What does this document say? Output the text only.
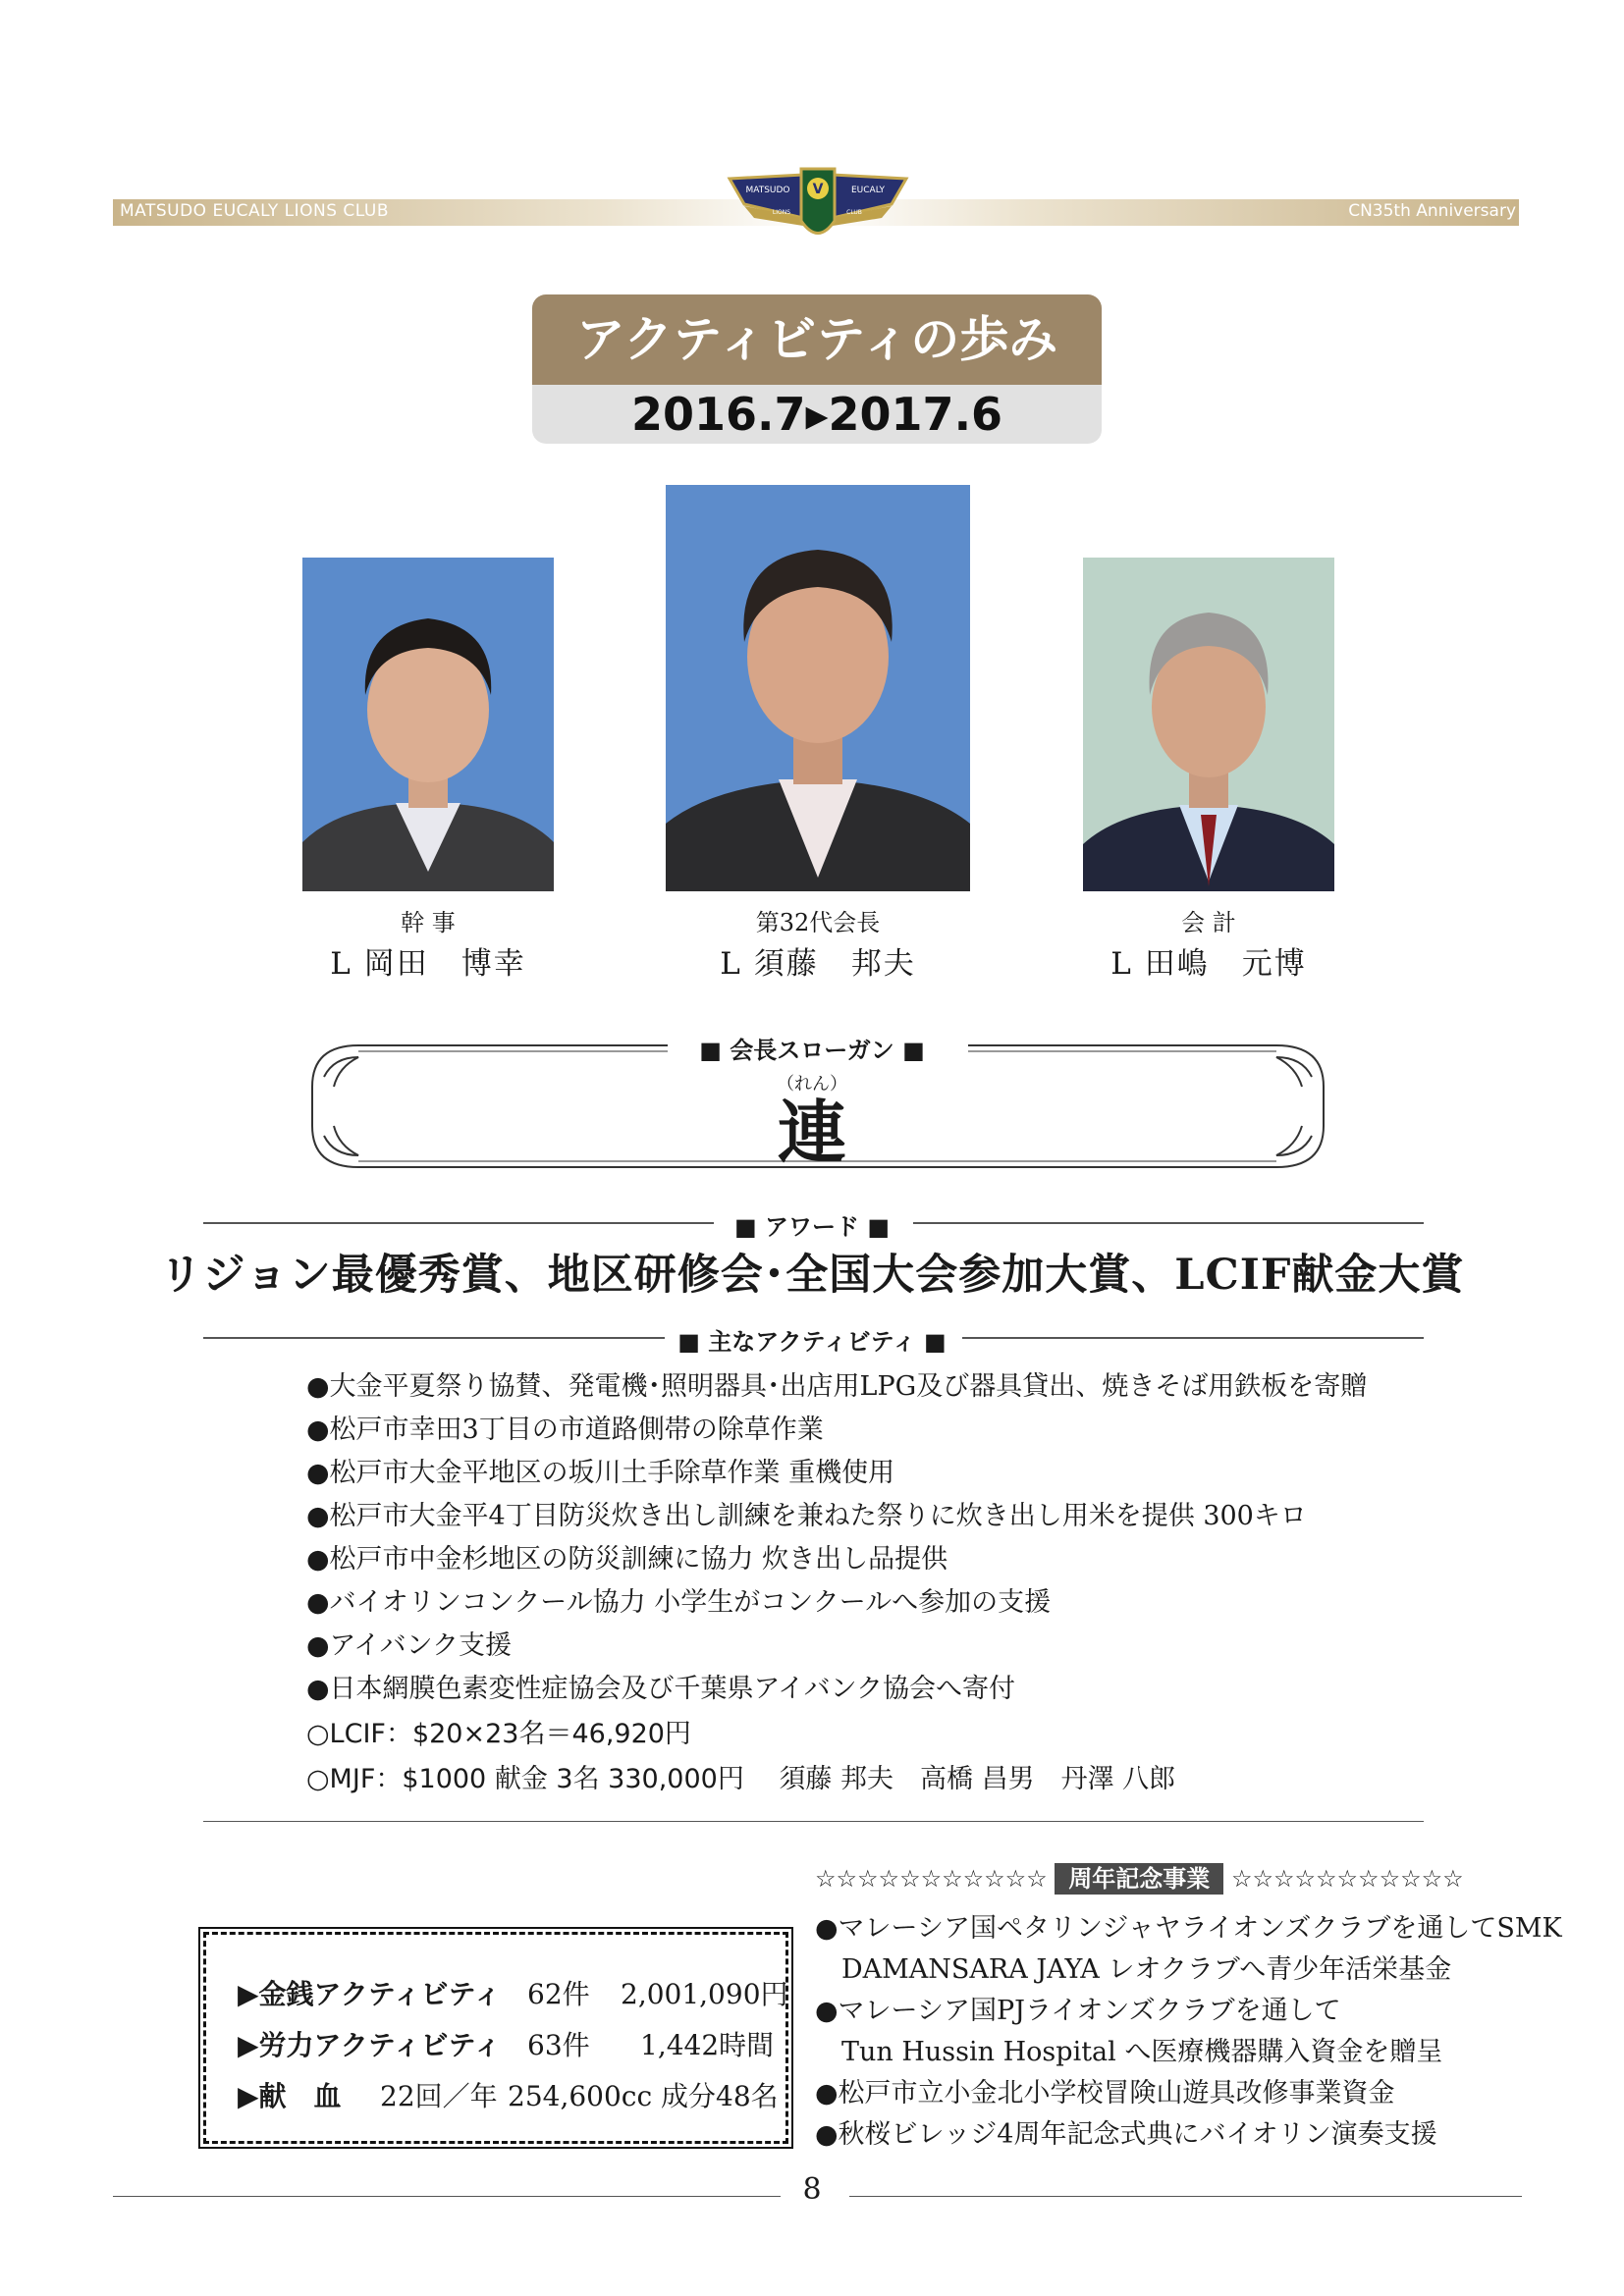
MATSUDO EUCALY LIONS CLUB	CN35th Anniversary
V
MATSUDO	EUCALY
LIONS	CLUB
アクティビティの歩み
2016.7▸2017.6
幹 事
L 岡田　博幸
第32代会長
L 須藤　邦夫
会 計
L 田嶋　元博
■ 会長スローガン ■
（れん）
連
■ アワード ■
リジョン最優秀賞、地区研修会･全国大会参加大賞、LCIF献金大賞
■ 主なアクティビティ ■
●大金平夏祭り協賛、発電機･照明器具･出店用LPG及び器具貸出、焼きそば用鉄板を寄贈
●松戸市幸田3丁目の市道路側帯の除草作業
●松戸市大金平地区の坂川土手除草作業 重機使用
●松戸市大金平4丁目防災炊き出し訓練を兼ねた祭りに炊き出し用米を提供 300キロ
●松戸市中金杉地区の防災訓練に協力 炊き出し品提供
●バイオリンコンクール協力 小学生がコンクールへ参加の支援
●アイバンク支援
●日本網膜色素変性症協会及び千葉県アイバンク協会へ寄付
○LCIF：$20×23名＝46,920円
○MJF：$1000 献金 3名 330,000円　 須藤 邦夫　高橋 昌男　丹澤 八郎
▶金銭アクティビティ 62件 2,001,090円
▶労力アクティビティ 63件 1,442時間
▶献　血 22回／年 254,600cc 成分48名
☆☆☆☆☆☆☆☆☆☆☆ 周年記念事業 ☆☆☆☆☆☆☆☆☆☆☆
●マレーシア国ペタリンジャヤライオンズクラブを通してSMK
　DAMANSARA JAYA レオクラブへ青少年活栄基金
●マレーシア国PJライオンズクラブを通して
　Tun Hussin Hospital へ医療機器購入資金を贈呈
●松戸市立小金北小学校冒険山遊具改修事業資金
●秋桜ビレッジ4周年記念式典にバイオリン演奏支援
8
